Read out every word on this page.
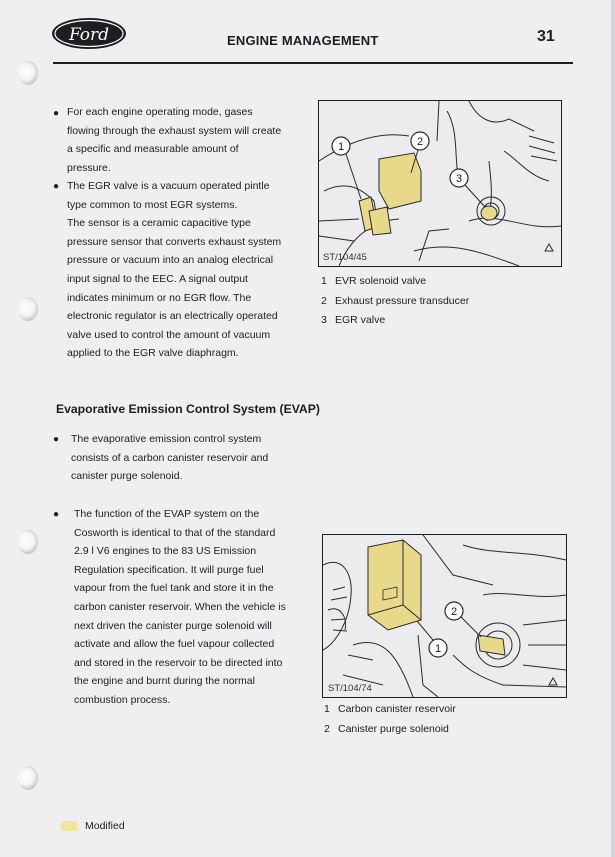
Ford	ENGINE MANAGEMENT	31
● For each engine operating mode, gases
flowing through the exhaust system will create
a specific and measurable amount of
pressure.
● The EGR valve is a vacuum operated pintle
type common to most EGR systems.
The sensor is a ceramic capacitive type
pressure sensor that converts exhaust system
pressure or vacuum into an analog electrical
input signal to the EEC. A signal output
indicates minimum or no EGR flow. The
electronic regulator is an electrically operated
valve used to control the amount of vacuum
applied to the EGR valve diaphragm.
Evaporative Emission Control System (EVAP)
● The evaporative emission control system
consists of a carbon canister reservoir and
canister purge solenoid.
● The function of the EVAP system on the
Cosworth is identical to that of the standard
2.9 l V6 engines to the 83 US Emission
Regulation specification. It will purge fuel
vapour from the fuel tank and store it in the
carbon canister reservoir. When the vehicle is
next driven the canister purge solenoid will
activate and allow the fuel vapour collected
and stored in the reservoir to be directed into
the engine and burnt during the normal
combustion process.
1	2
3
ST/104/45
1 EVR solenoid valve
2 Exhaust pressure transducer
3 EGR valve
1
2
ST/104/74
1 Carbon canister reservoir
2 Canister purge solenoid
Modified
